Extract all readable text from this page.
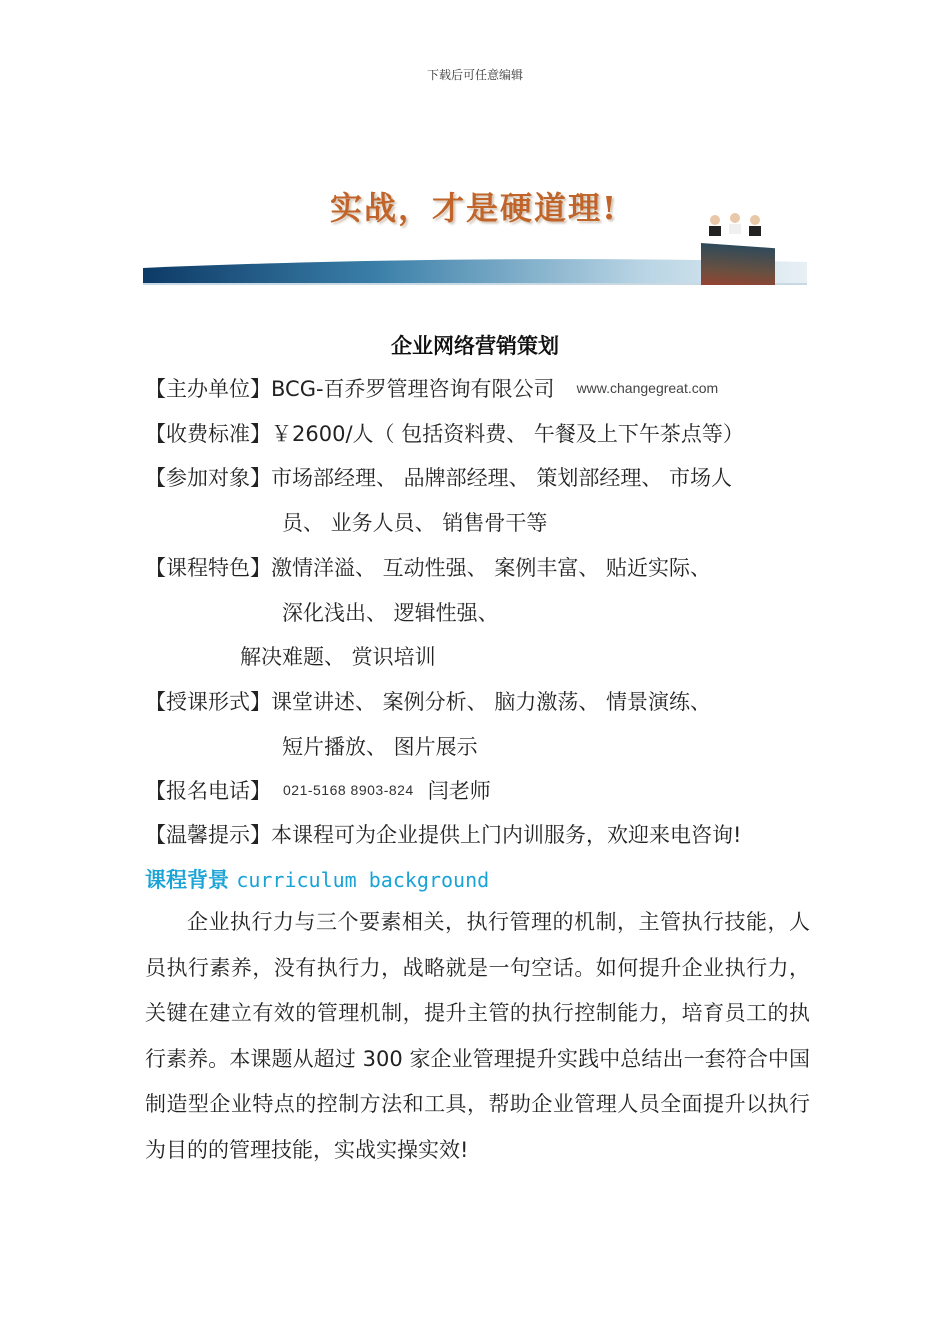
下载后可任意编辑
实战，才是硬道理!
企业网络营销策划
【主办单位】BCG-百乔罗管理咨询有限公司 www.changegreat.com
【收费标准】￥2600/人（ 包括资料费、 午餐及上下午茶点等）
【参加对象】市场部经理、 品牌部经理、 策划部经理、 市场人
员、 业务人员、 销售骨干等
【课程特色】激情洋溢、 互动性强、 案例丰富、 贴近实际、
深化浅出、 逻辑性强、
解决难题、 赏识培训
【授课形式】课堂讲述、 案例分析、 脑力激荡、 情景演练、
短片播放、 图片展示
【报名电话】 021-5168 8903-824 闫老师
【温馨提示】本课程可为企业提供上门内训服务，欢迎来电咨询!
课程背景 curriculum background
企业执行力与三个要素相关，执行管理的机制，主管执行技能，人员执行素养，没有执行力，战略就是一句空话。如何提升企业执行力，关键在建立有效的管理机制，提升主管的执行控制能力，培育员工的执行素养。本课题从超过 300 家企业管理提升实践中总结出一套符合中国制造型企业特点的控制方法和工具，帮助企业管理人员全面提升以执行为目的的管理技能，实战实操实效!
